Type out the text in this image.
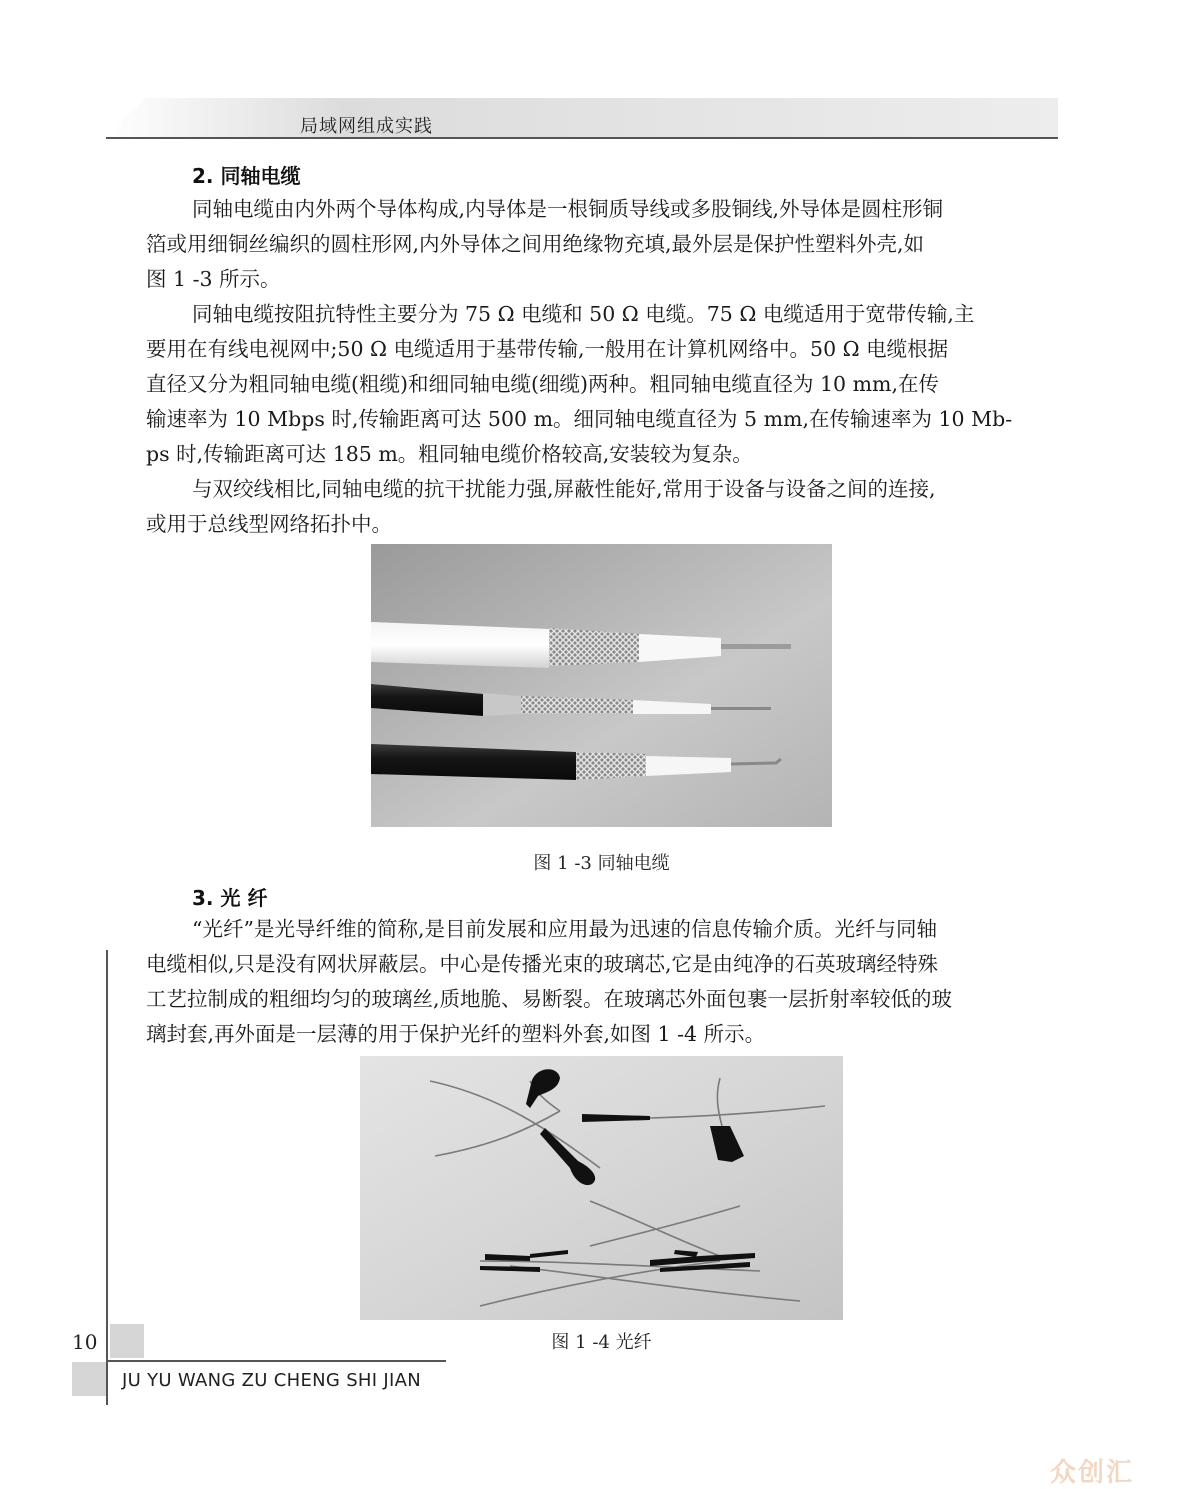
局域网组成实践
2. 同轴电缆
同轴电缆由内外两个导体构成,内导体是一根铜质导线或多股铜线,外导体是圆柱形铜
箔或用细铜丝编织的圆柱形网,内外导体之间用绝缘物充填,最外层是保护性塑料外壳,如
图 1 -3 所示。
同轴电缆按阻抗特性主要分为 75 Ω 电缆和 50 Ω 电缆。75 Ω 电缆适用于宽带传输,主
要用在有线电视网中;50 Ω 电缆适用于基带传输,一般用在计算机网络中。50 Ω 电缆根据
直径又分为粗同轴电缆(粗缆)和细同轴电缆(细缆)两种。粗同轴电缆直径为 10 mm,在传
输速率为 10 Mbps 时,传输距离可达 500 m。细同轴电缆直径为 5 mm,在传输速率为 10 Mb-
ps 时,传输距离可达 185 m。粗同轴电缆价格较高,安装较为复杂。
与双绞线相比,同轴电缆的抗干扰能力强,屏蔽性能好,常用于设备与设备之间的连接,
或用于总线型网络拓扑中。
图 1 -3 同轴电缆
3. 光 纤
“光纤”是光导纤维的简称,是目前发展和应用最为迅速的信息传输介质。光纤与同轴
电缆相似,只是没有网状屏蔽层。中心是传播光束的玻璃芯,它是由纯净的石英玻璃经特殊
工艺拉制成的粗细均匀的玻璃丝,质地脆、易断裂。在玻璃芯外面包裹一层折射率较低的玻
璃封套,再外面是一层薄的用于保护光纤的塑料外套,如图 1 -4 所示。
图 1 -4 光纤
10
JU YU WANG ZU CHENG SHI JIAN
众创汇
